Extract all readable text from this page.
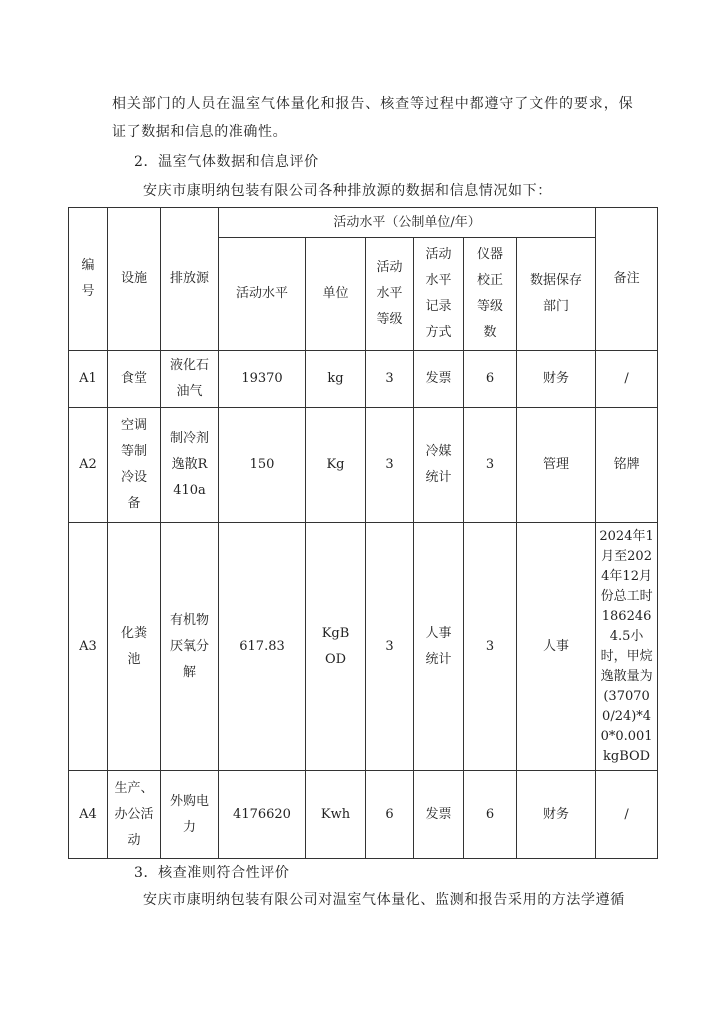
相关部门的人员在温室气体量化和报告、核查等过程中都遵守了文件的要求，保
证了数据和信息的准确性。
2．温室气体数据和信息评价
安庆市康明纳包装有限公司各种排放源的数据和信息情况如下：
编号	设施	排放源	活动水平（公制单位/年）						备注
			活动水平	单位	活动水平等级	活动水平记录方式	仪器校正等级数	数据保存部门	
A1	食堂	液化石油气	19370	kg	3	发票	6	财务	/
A2	空调等制冷设备	制冷剂逸散R410a	150	Kg	3	冷媒统计	3	管理	铭牌
A3	化粪池	有机物厌氧分解	617.83	KgBOD	3	人事统计	3	人事	2024年1月至2024年12月份总工时1862464.5小时，甲烷逸散量为(370700/24)*40*0.001kgBOD
A4	生产、办公活动	外购电力	4176620	Kwh	6	发票	6	财务	/
3．核查准则符合性评价
安庆市康明纳包装有限公司对温室气体量化、监测和报告采用的方法学遵循
